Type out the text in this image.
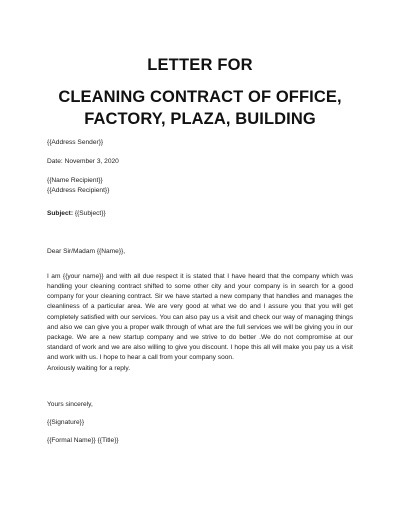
LETTER FOR
CLEANING CONTRACT OF OFFICE, FACTORY, PLAZA, BUILDING
{{Address Sender}}
Date: November 3, 2020
{{Name Recipient}}
{{Address Recipient}}
Subject: {{Subject}}
Dear Sir/Madam {{Name}},
I am {{your name}} and with all due respect it is stated that I have heard that the company which was handling your cleaning contract shifted to some other city and your company is in search for a good company for your cleaning contract. Sir we have started a new company that handles and manages the cleanliness of a particular area. We are very good at what we do and I assure you that you will get completely satisfied with our services. You can also pay us a visit and check our way of managing things and also we can give you a proper walk through of what are the full services we will be giving you in our package. We are a new startup company and we strive to do better .We do not compromise at our standard of work and we are also willing to give you discount. I hope this all will make you pay us a visit and work with us. I hope to hear a call from your company soon.
Anxiously waiting for a reply.
Yours sincerely,
{{Signature}}
{{Formal Name}} {{Title}}
